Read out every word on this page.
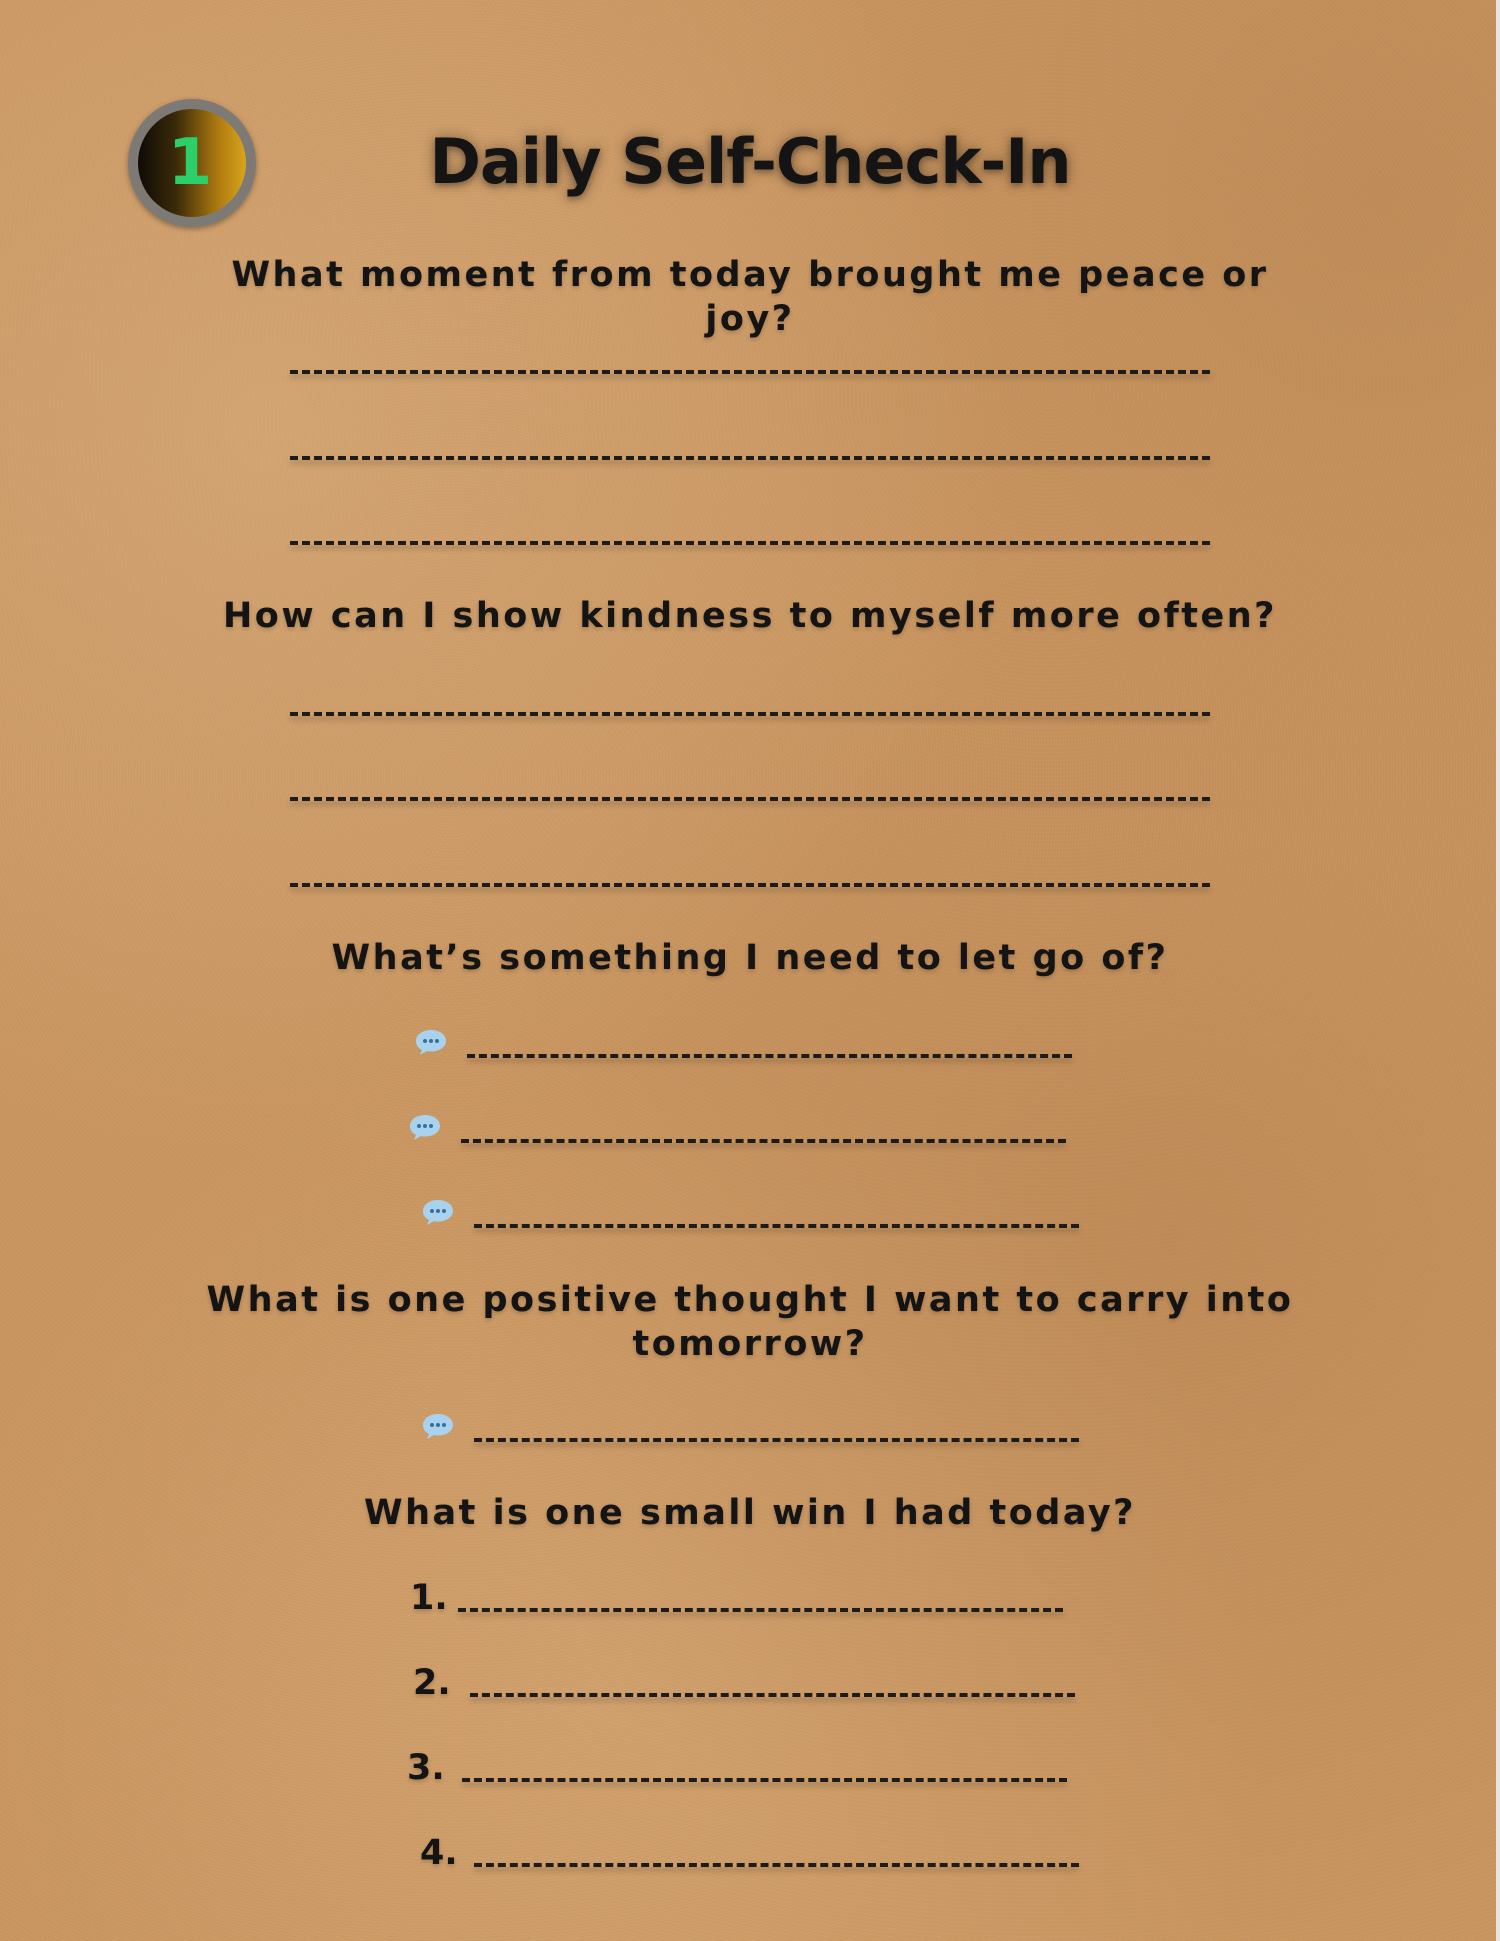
1	Daily Self-Check-In

What moment from today brought me peace or joy?

How can I show kindness to myself more often?

What’s something I need to let go of?

What is one positive thought I want to carry into tomorrow?

What is one small win I had today?

1.
2.
3.
4.
